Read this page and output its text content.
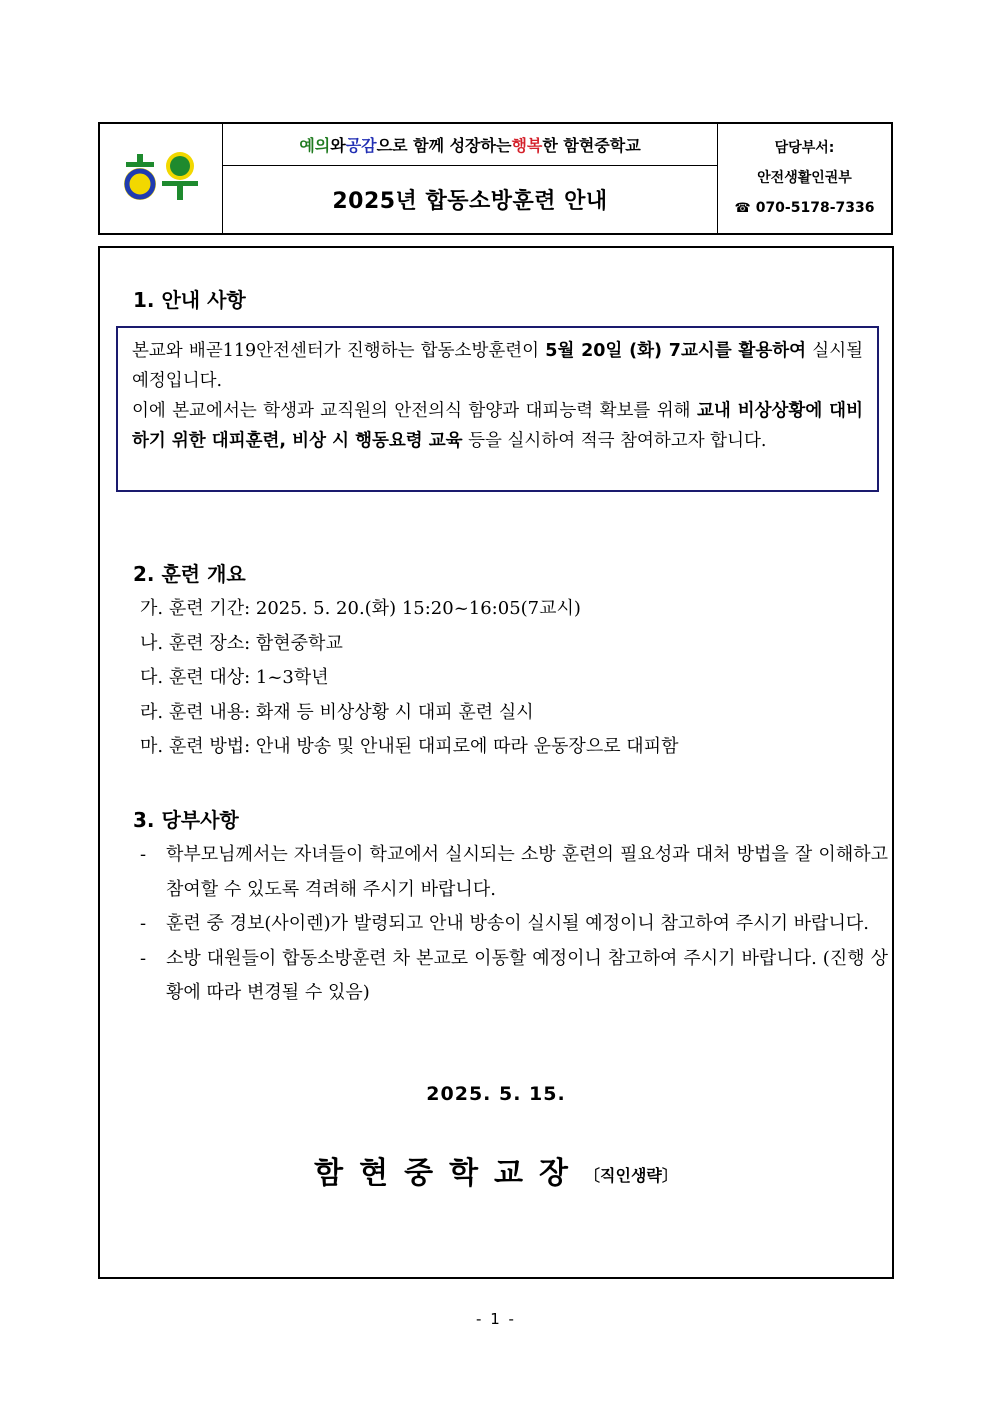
예의 와 공감 으로 함께 성장하는 행복 한 함현중학교
2025년 합동소방훈련 안내
담당부서:
안전생활인권부
☎ 070-5178-7336
1. 안내 사항

본교와 배곧119안전센터가 진행하는 합동소방훈련이 5월 20일 (화) 7교시를 활용하여 실시될 예정입니다.

이에 본교에서는 학생과 교직원의 안전의식 함양과 대피능력 확보를 위해 교내 비상상황에 대비하기 위한 대피훈련, 비상 시 행동요령 교육 등을 실시하여 적극 참여하고자 합니다.

2. 훈련 개요
가. 훈련 기간: 2025. 5. 20.(화) 15:20~16:05(7교시)
나. 훈련 장소: 함현중학교
다. 훈련 대상: 1~3학년
라. 훈련 내용: 화재 등 비상상황 시 대피 훈련 실시
마. 훈련 방법: 안내 방송 및 안내된 대피로에 따라 운동장으로 대피함
3. 당부사항
- 학부모님께서는 자녀들이 학교에서 실시되는 소방 훈련의 필요성과 대처 방법을 잘 이해하고 참여할 수 있도록 격려해 주시기 바랍니다.
- 훈련 중 경보(사이렌)가 발령되고 안내 방송이 실시될 예정이니 참고하여 주시기 바랍니다.
- 소방 대원들이 합동소방훈련 차 본교로 이동할 예정이니 참고하여 주시기 바랍니다. (진행 상황에 따라 변경될 수 있음)
2025. 5. 15.
함현중학교장〔직인생략〕
- 1 -
